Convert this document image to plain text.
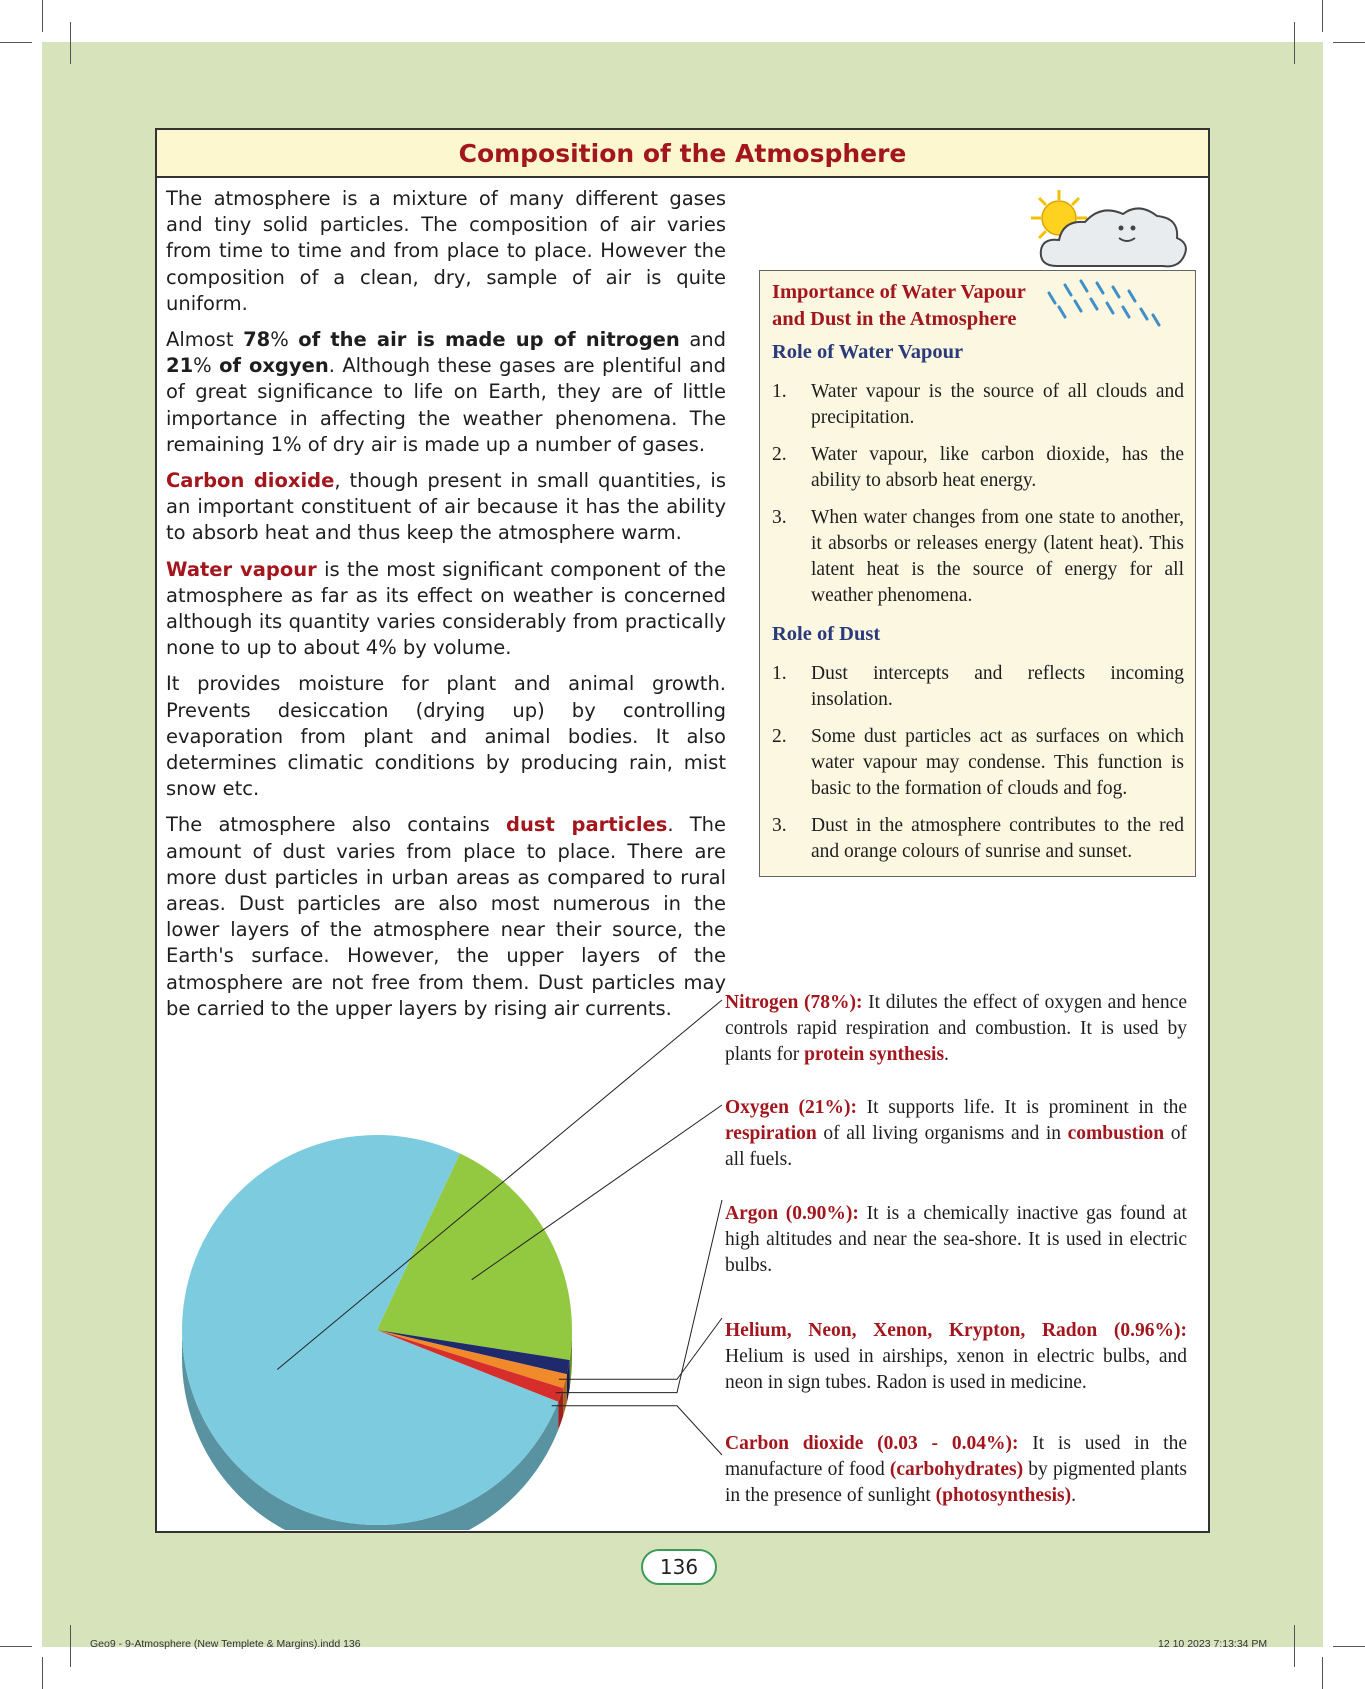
Composition of the Atmosphere

The atmosphere is a mixture of many different gases and tiny solid particles. The composition of air varies from time to time and from place to place. However the composition of a clean, dry, sample of air is quite uniform.

Almost 78% of the air is made up of nitrogen and 21% of oxgyen. Although these gases are plentiful and of great significance to life on Earth, they are of little importance in affecting the weather phenomena. The remaining 1% of dry air is made up a number of gases.

Carbon dioxide, though present in small quantities, is an important constituent of air because it has the ability to absorb heat and thus keep the atmosphere warm.

Water vapour is the most significant component of the atmosphere as far as its effect on weather is concerned although its quantity varies considerably from practically none to up to about 4% by volume.

It provides moisture for plant and animal growth. Prevents desiccation (drying up) by controlling evaporation from plant and animal bodies. It also determines climatic conditions by producing rain, mist snow etc.

The atmosphere also contains dust particles. The amount of dust varies from place to place. There are more dust particles in urban areas as compared to rural areas. Dust particles are also most numerous in the lower layers of the atmosphere near their source, the Earth's surface. However, the upper layers of the atmosphere are not free from them. Dust particles may be carried to the upper layers by rising air currents.

Importance of Water Vapour and Dust in the Atmosphere
Role of Water Vapour
1. Water vapour is the source of all clouds and precipitation.
2. Water vapour, like carbon dioxide, has the ability to absorb heat energy.
3. When water changes from one state to another, it absorbs or releases energy (latent heat). This latent heat is the source of energy for all weather phenomena.
Role of Dust
1. Dust intercepts and reflects incoming insolation.
2. Some dust particles act as surfaces on which water vapour may condense. This function is basic to the formation of clouds and fog.
3. Dust in the atmosphere contributes to the red and orange colours of sunrise and sunset.
Nitrogen (78%): It dilutes the effect of oxygen and hence controls rapid respiration and combustion. It is used by plants for protein synthesis.
Oxygen (21%): It supports life. It is prominent in the respiration of all living organisms and in combustion of all fuels.
Argon (0.90%): It is a chemically inactive gas found at high altitudes and near the sea-shore. It is used in electric bulbs.
Helium, Neon, Xenon, Krypton, Radon (0.96%): Helium is used in airships, xenon in electric bulbs, and neon in sign tubes. Radon is used in medicine.
Carbon dioxide (0.03 - 0.04%): It is used in the manufacture of food (carbohydrates) by pigmented plants in the presence of sunlight (photosynthesis).
136
Geo9 - 9-Atmosphere (New Templete & Margins).indd 136	12 10 2023 7:13:34 PM
